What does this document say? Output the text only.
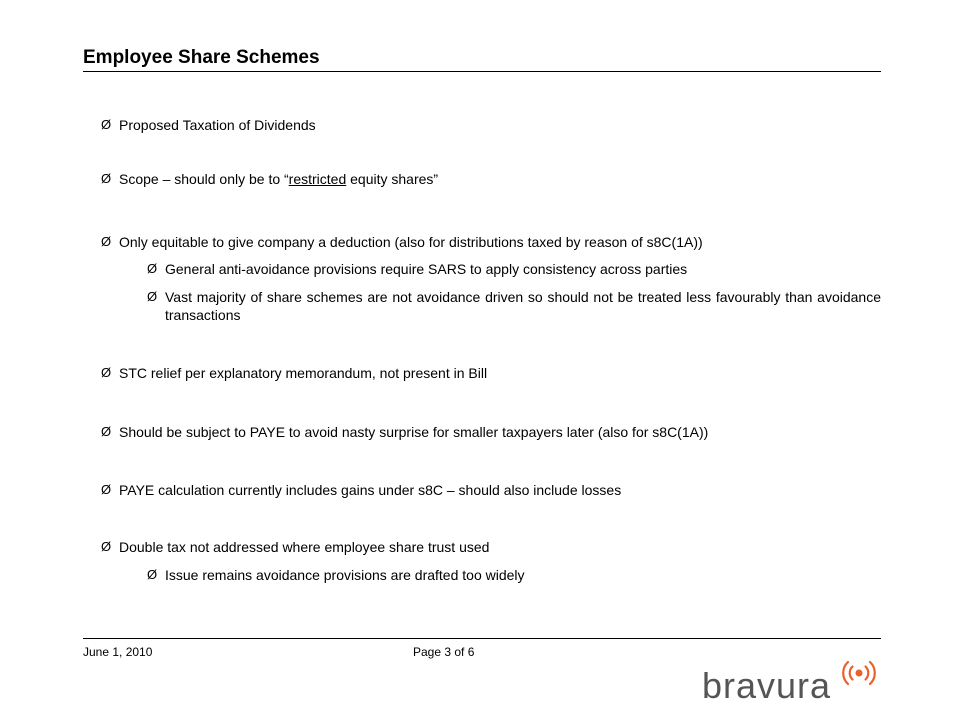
Employee Share Schemes
Ø Proposed Taxation of Dividends
Ø Scope – should only be to “restricted equity shares”
Ø Only equitable to give company a deduction (also for distributions taxed by reason of s8C(1A))
Ø General anti-avoidance provisions require SARS to apply consistency across parties
Ø Vast majority of share schemes are not avoidance driven so should not be treated less favourably than avoidance transactions
Ø STC relief per explanatory memorandum, not present in Bill
Ø Should be subject to PAYE to avoid nasty surprise for smaller taxpayers later (also for s8C(1A))
Ø PAYE calculation currently includes gains under s8C – should also include losses
Ø Double tax not addressed where employee share trust used
Ø Issue remains avoidance provisions are drafted too widely
June 1, 2010	Page 3 of 6
bravura
